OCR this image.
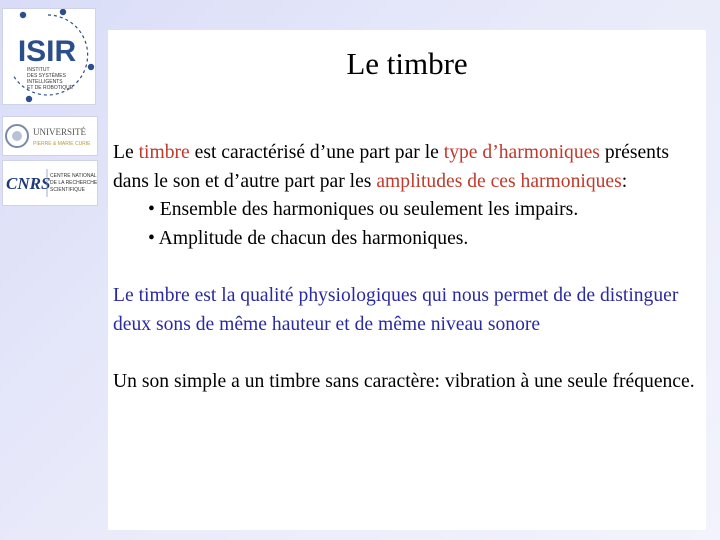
ISIR
INSTITUT
DES SYSTÈMES
INTELLIGENTS
ET DE ROBOTIQUE
UNIVERSITÉ
PIERRE & MARIE CURIE
CNRS CENTRE NATIONAL
DE LA RECHERCHE
SCIENTIFIQUE
Le timbre

Le timbre est caractérisé d’une part par le type d’harmoniques présents dans le son et d’autre part par les amplitudes de ces harmoniques:

• Ensemble des harmoniques ou seulement les impairs.

• Amplitude de chacun des harmoniques.

Le timbre est la qualité physiologiques qui nous permet de de distinguer deux sons de même hauteur et de même niveau sonore

Un son simple a un timbre sans caractère: vibration à une seule fréquence.
